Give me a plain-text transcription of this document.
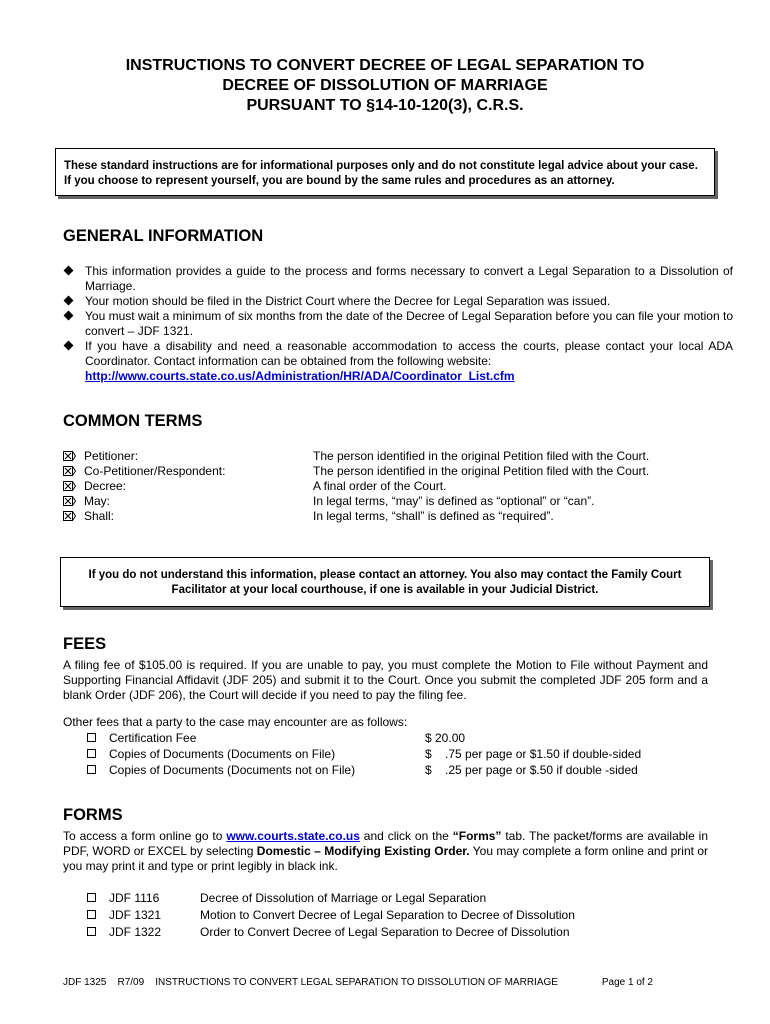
INSTRUCTIONS TO CONVERT DECREE OF LEGAL SEPARATION TO
DECREE OF DISSOLUTION OF MARRIAGE
PURSUANT TO §14-10-120(3), C.R.S.
These standard instructions are for informational purposes only and do not constitute legal advice about your case. If you choose to represent yourself, you are bound by the same rules and procedures as an attorney.
GENERAL INFORMATION
This information provides a guide to the process and forms necessary to convert a Legal Separation to a Dissolution of Marriage.
Your motion should be filed in the District Court where the Decree for Legal Separation was issued.
You must wait a minimum of six months from the date of the Decree of Legal Separation before you can file your motion to convert – JDF 1321.
If you have a disability and need a reasonable accommodation to access the courts, please contact your local ADA Coordinator. Contact information can be obtained from the following website:
http://www.courts.state.co.us/Administration/HR/ADA/Coordinator_List.cfm
COMMON TERMS
Petitioner:	The person identified in the original Petition filed with the Court.
Co-Petitioner/Respondent:	The person identified in the original Petition filed with the Court.
Decree:	A final order of the Court.
May:	In legal terms, “may” is defined as “optional” or “can”.
Shall:	In legal terms, “shall” is defined as “required”.
If you do not understand this information, please contact an attorney. You also may contact the Family Court Facilitator at your local courthouse, if one is available in your Judicial District.
FEES
A filing fee of $105.00 is required. If you are unable to pay, you must complete the Motion to File without Payment and Supporting Financial Affidavit (JDF 205) and submit it to the Court. Once you submit the completed JDF 205 form and a blank Order (JDF 206), the Court will decide if you need to pay the filing fee.
Other fees that a party to the case may encounter are as follows:
Certification Fee	$ 20.00
Copies of Documents (Documents on File)	$    .75 per page or $1.50 if double-sided
Copies of Documents (Documents not on File)	$    .25 per page or $.50 if double -sided
FORMS
To access a form online go to www.courts.state.co.us and click on the “Forms” tab. The packet/forms are available in PDF, WORD or EXCEL by selecting Domestic – Modifying Existing Order. You may complete a form online and print or you may print it and type or print legibly in black ink.
JDF 1116	Decree of Dissolution of Marriage or Legal Separation
JDF 1321	Motion to Convert Decree of Legal Separation to Decree of Dissolution
JDF 1322	Order to Convert Decree of Legal Separation to Decree of Dissolution
JDF 1325    R7/09    INSTRUCTIONS TO CONVERT LEGAL SEPARATION TO DISSOLUTION OF MARRIAGE	Page 1 of 2
